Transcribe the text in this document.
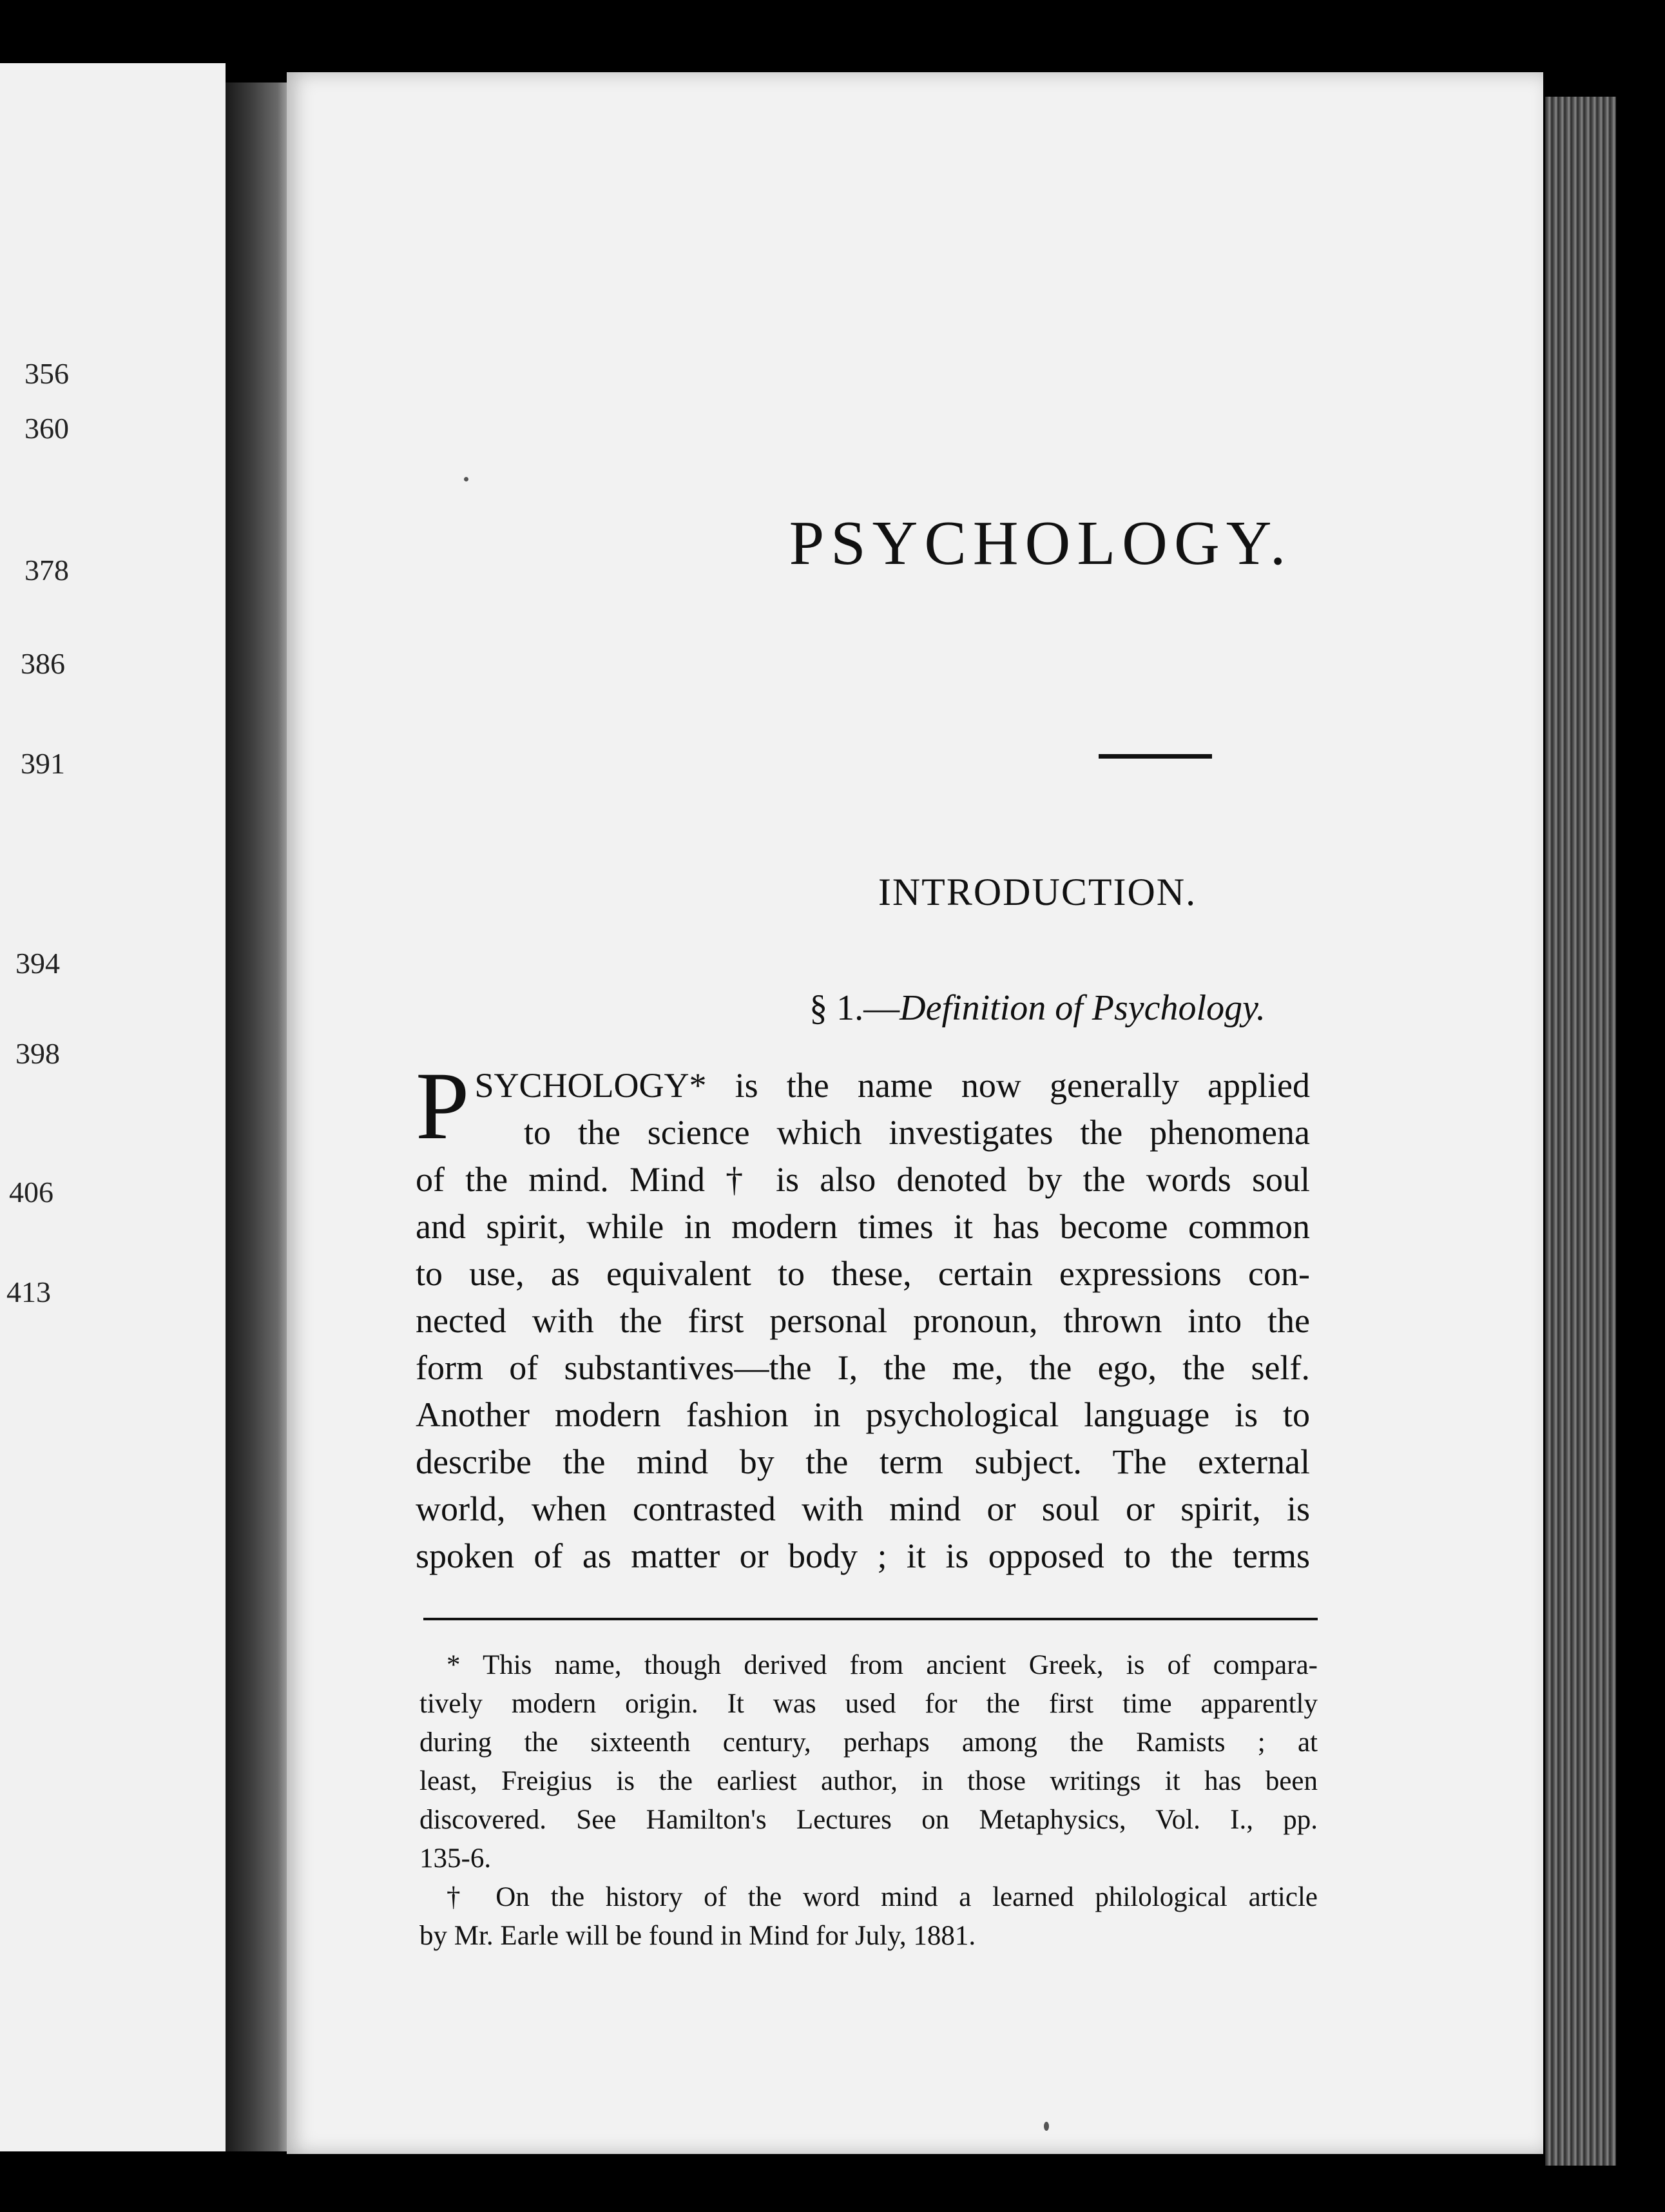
356
360
378
386
391
394
398
406
413
PSYCHOLOGY.
INTRODUCTION.
§ 1.—Definition of Psychology.
P SYCHOLOGY* is the name now generally applied
to the science which investigates the phenomena
of the mind. Mind † is also denoted by the words soul
and spirit, while in modern times it has become common
to use, as equivalent to these, certain expressions con-
nected with the first personal pronoun, thrown into the
form of substantives—the I, the me, the ego, the self.
Another modern fashion in psychological language is to
describe the mind by the term subject. The external
world, when contrasted with mind or soul or spirit, is
spoken of as matter or body ; it is opposed to the terms
* This name, though derived from ancient Greek, is of compara-
tively modern origin. It was used for the first time apparently
during the sixteenth century, perhaps among the Ramists ; at
least, Freigius is the earliest author, in those writings it has been
discovered. See Hamilton's Lectures on Metaphysics, Vol. I., pp.
135-6.
† On the history of the word mind a learned philological article
by Mr. Earle will be found in Mind for July, 1881.
